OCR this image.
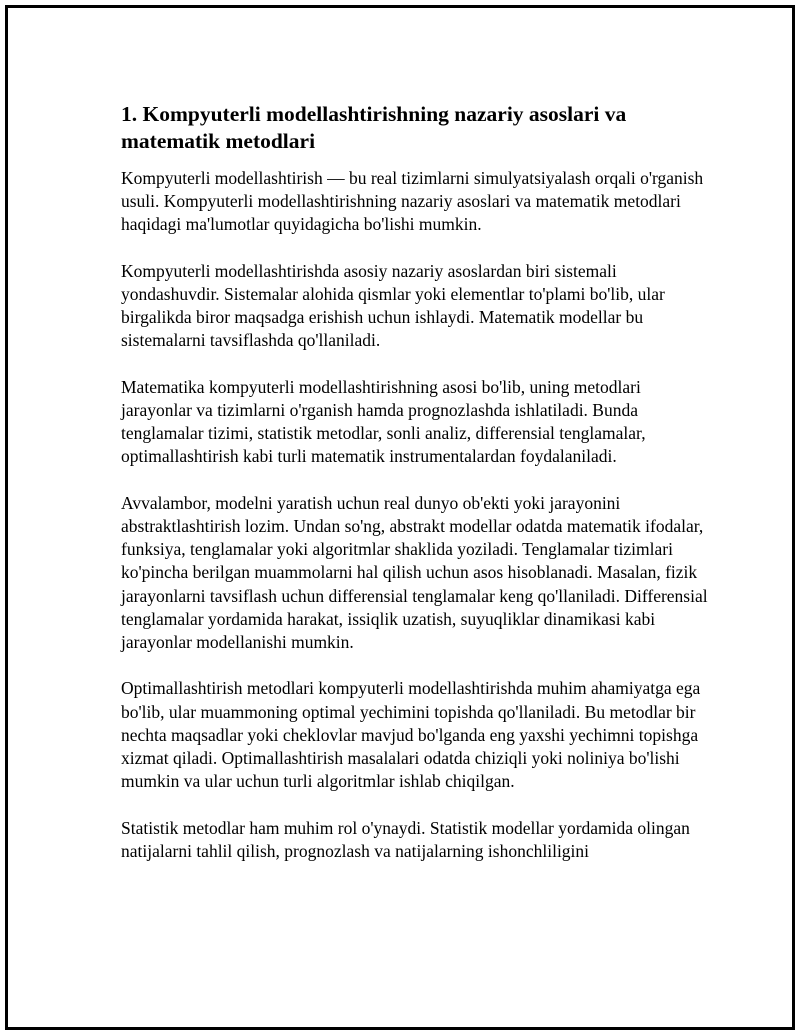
1. Kompyuterli modellashtirishning nazariy asoslari va matematik metodlari

Kompyuterli modellashtirish — bu real tizimlarni simulyatsiyalash orqali o'rganish usuli. Kompyuterli modellashtirishning nazariy asoslari va matematik metodlari haqidagi ma'lumotlar quyidagicha bo'lishi mumkin.

Kompyuterli modellashtirishda asosiy nazariy asoslardan biri sistemali yondashuvdir. Sistemalar alohida qismlar yoki elementlar to'plami bo'lib, ular birgalikda biror maqsadga erishish uchun ishlaydi. Matematik modellar bu sistemalarni tavsiflashda qo'llaniladi.

Matematika kompyuterli modellashtirishning asosi bo'lib, uning metodlari jarayonlar va tizimlarni o'rganish hamda prognozlashda ishlatiladi. Bunda tenglamalar tizimi, statistik metodlar, sonli analiz, differensial tenglamalar, optimallashtirish kabi turli matematik instrumentalardan foydalaniladi.

Avvalambor, modelni yaratish uchun real dunyo ob'ekti yoki jarayonini abstraktlashtirish lozim. Undan so'ng, abstrakt modellar odatda matematik ifodalar, funksiya, tenglamalar yoki algoritmlar shaklida yoziladi. Tenglamalar tizimlari ko'pincha berilgan muammolarni hal qilish uchun asos hisoblanadi. Masalan, fizik jarayonlarni tavsiflash uchun differensial tenglamalar keng qo'llaniladi. Differensial tenglamalar yordamida harakat, issiqlik uzatish, suyuqliklar dinamikasi kabi jarayonlar modellanishi mumkin.

Optimallashtirish metodlari kompyuterli modellashtirishda muhim ahamiyatga ega bo'lib, ular muammoning optimal yechimini topishda qo'llaniladi. Bu metodlar bir nechta maqsadlar yoki cheklovlar mavjud bo'lganda eng yaxshi yechimni topishga xizmat qiladi. Optimallashtirish masalalari odatda chiziqli yoki noliniya bo'lishi mumkin va ular uchun turli algoritmlar ishlab chiqilgan.

Statistik metodlar ham muhim rol o'ynaydi. Statistik modellar yordamida olingan natijalarni tahlil qilish, prognozlash va natijalarning ishonchliligini
